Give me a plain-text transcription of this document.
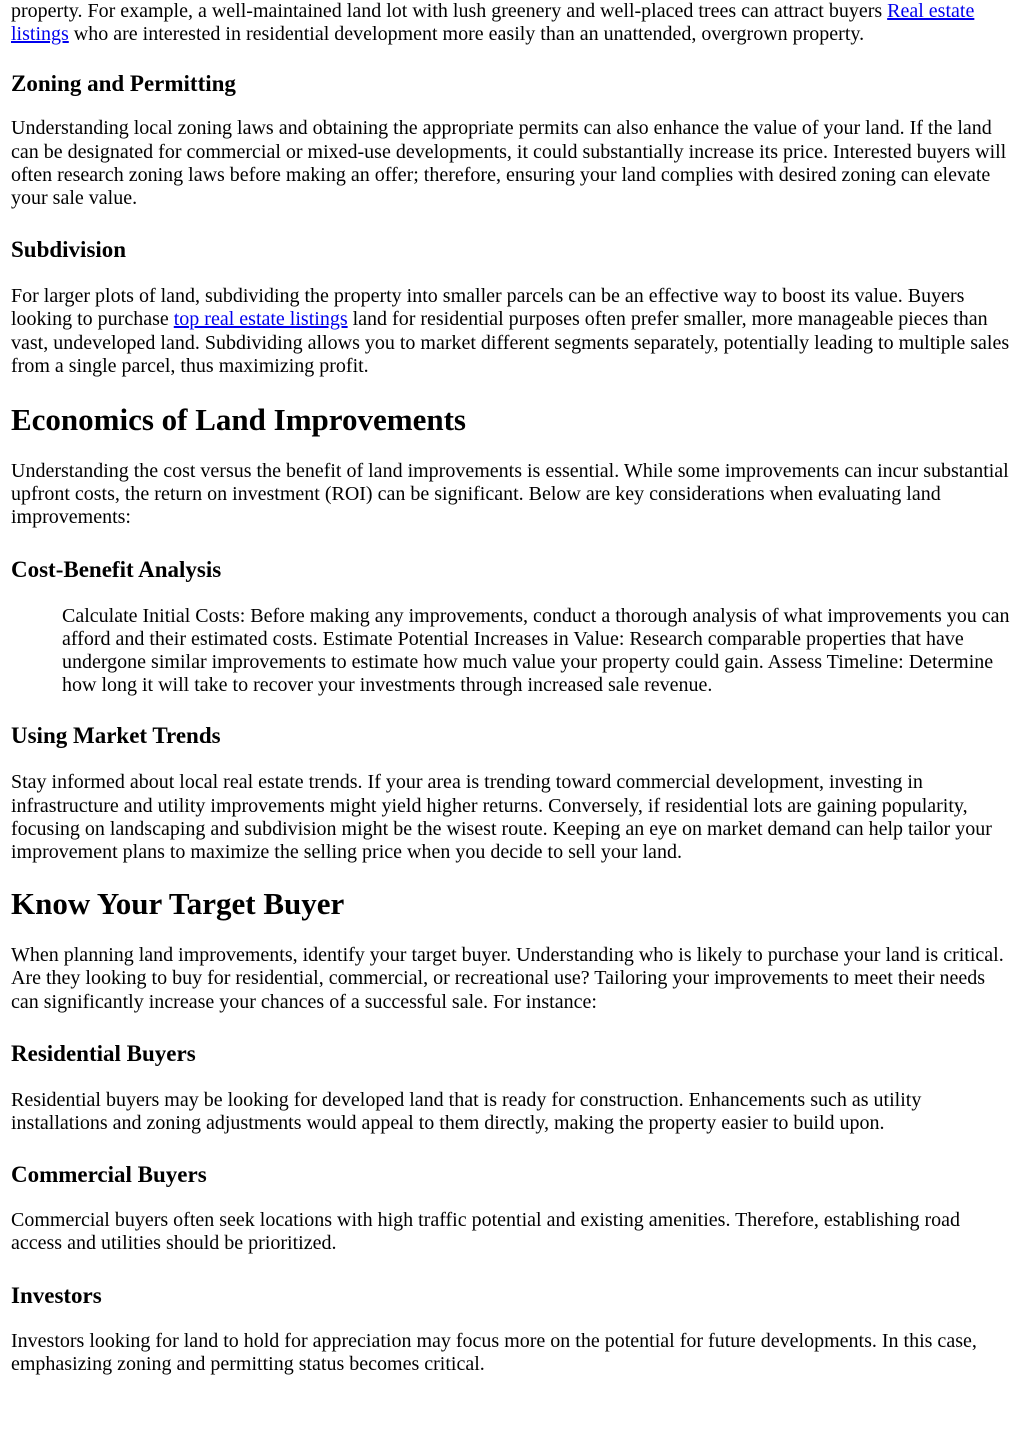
property. For example, a well-maintained land lot with lush greenery and well-placed trees can attract buyers Real estate listings who are interested in residential development more easily than an unattended, overgrown property.

Zoning and Permitting

Understanding local zoning laws and obtaining the appropriate permits can also enhance the value of your land. If the land can be designated for commercial or mixed-use developments, it could substantially increase its price. Interested buyers will often research zoning laws before making an offer; therefore, ensuring your land complies with desired zoning can elevate your sale value.

Subdivision

For larger plots of land, subdividing the property into smaller parcels can be an effective way to boost its value. Buyers looking to purchase top real estate listings land for residential purposes often prefer smaller, more manageable pieces than vast, undeveloped land. Subdividing allows you to market different segments separately, potentially leading to multiple sales from a single parcel, thus maximizing profit.

Economics of Land Improvements

Understanding the cost versus the benefit of land improvements is essential. While some improvements can incur substantial upfront costs, the return on investment (ROI) can be significant. Below are key considerations when evaluating land improvements:

Cost-Benefit Analysis
Calculate Initial Costs: Before making any improvements, conduct a thorough analysis of what improvements you can afford and their estimated costs. Estimate Potential Increases in Value: Research comparable properties that have undergone similar improvements to estimate how much value your property could gain. Assess Timeline: Determine how long it will take to recover your investments through increased sale revenue.
Using Market Trends

Stay informed about local real estate trends. If your area is trending toward commercial development, investing in infrastructure and utility improvements might yield higher returns. Conversely, if residential lots are gaining popularity, focusing on landscaping and subdivision might be the wisest route. Keeping an eye on market demand can help tailor your improvement plans to maximize the selling price when you decide to sell your land.

Know Your Target Buyer

When planning land improvements, identify your target buyer. Understanding who is likely to purchase your land is critical. Are they looking to buy for residential, commercial, or recreational use? Tailoring your improvements to meet their needs can significantly increase your chances of a successful sale. For instance:

Residential Buyers

Residential buyers may be looking for developed land that is ready for construction. Enhancements such as utility installations and zoning adjustments would appeal to them directly, making the property easier to build upon.

Commercial Buyers

Commercial buyers often seek locations with high traffic potential and existing amenities. Therefore, establishing road access and utilities should be prioritized.

Investors

Investors looking for land to hold for appreciation may focus more on the potential for future developments. In this case, emphasizing zoning and permitting status becomes critical.
